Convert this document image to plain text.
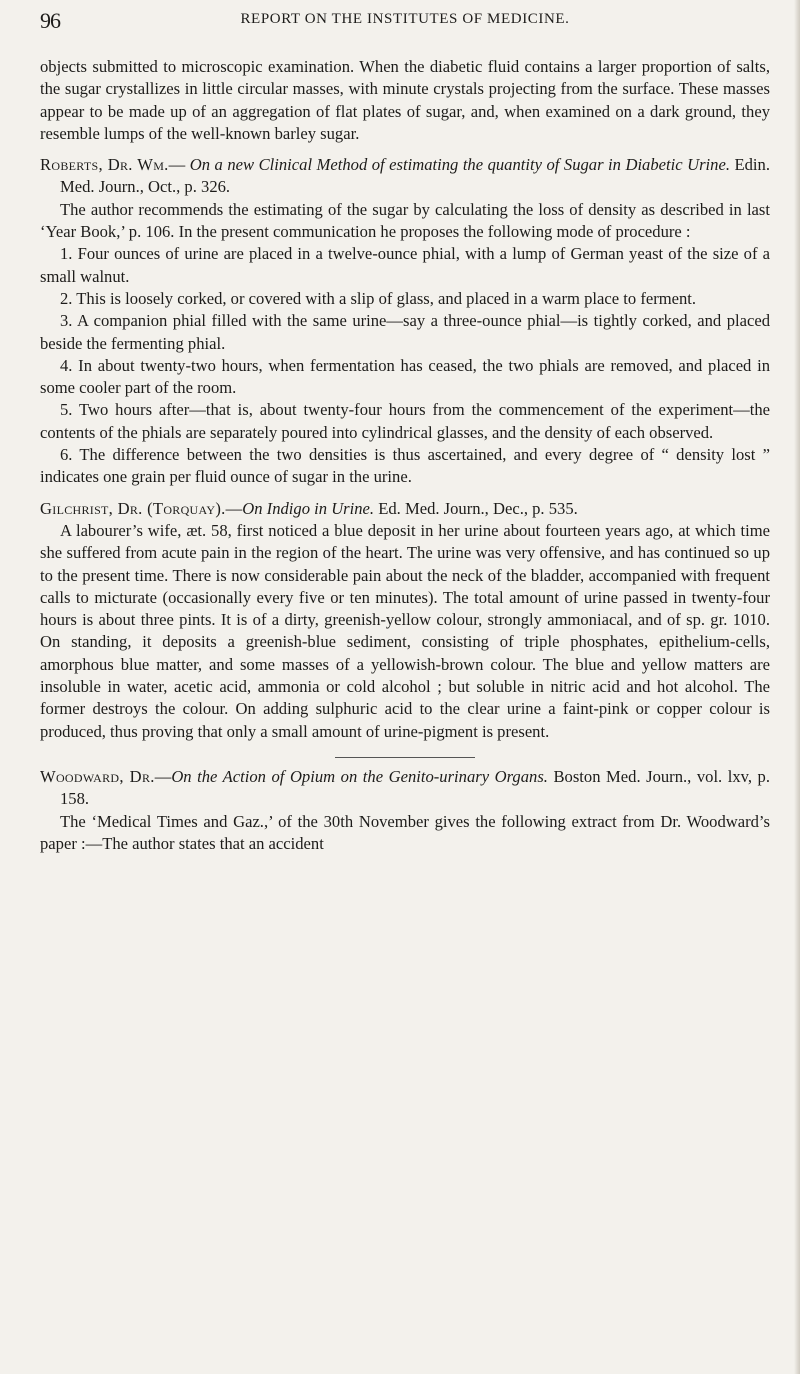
96	REPORT ON THE INSTITUTES OF MEDICINE.

objects submitted to microscopic examination. When the diabetic fluid contains a larger proportion of salts, the sugar crystallizes in little circular masses, with minute crystals projecting from the surface. These masses appear to be made up of an aggregation of flat plates of sugar, and, when examined on a dark ground, they resemble lumps of the well-known barley sugar.

Roberts, Dr. Wm.— On a new Clinical Method of estimating the quantity of Sugar in Diabetic Urine. Edin. Med. Journ., Oct., p. 326.

The author recommends the estimating of the sugar by calculating the loss of density as described in last ‘Year Book,’ p. 106. In the present communication he proposes the following mode of procedure :

1. Four ounces of urine are placed in a twelve-ounce phial, with a lump of German yeast of the size of a small walnut.

2. This is loosely corked, or covered with a slip of glass, and placed in a warm place to ferment.

3. A companion phial filled with the same urine—say a three-ounce phial—is tightly corked, and placed beside the fermenting phial.

4. In about twenty-two hours, when fermentation has ceased, the two phials are removed, and placed in some cooler part of the room.

5. Two hours after—that is, about twenty-four hours from the commencement of the experiment—the contents of the phials are separately poured into cylindrical glasses, and the density of each observed.

6. The difference between the two densities is thus ascertained, and every degree of “ density lost ” indicates one grain per fluid ounce of sugar in the urine.

Gilchrist, Dr. (Torquay).—On Indigo in Urine. Ed. Med. Journ., Dec., p. 535.

A labourer’s wife, æt. 58, first noticed a blue deposit in her urine about fourteen years ago, at which time she suffered from acute pain in the region of the heart. The urine was very offensive, and has continued so up to the present time. There is now considerable pain about the neck of the bladder, accompanied with frequent calls to micturate (occasionally every five or ten minutes). The total amount of urine passed in twenty-four hours is about three pints. It is of a dirty, greenish-yellow colour, strongly ammoniacal, and of sp. gr. 1010. On standing, it deposits a greenish-blue sediment, consisting of triple phosphates, epithelium-cells, amorphous blue matter, and some masses of a yellowish-brown colour. The blue and yellow matters are insoluble in water, acetic acid, ammonia or cold alcohol ; but soluble in nitric acid and hot alcohol. The former destroys the colour. On adding sulphuric acid to the clear urine a faint-pink or copper colour is produced, thus proving that only a small amount of urine-pigment is present.

Woodward, Dr.—On the Action of Opium on the Genito-urinary Organs. Boston Med. Journ., vol. lxv, p. 158.

The ‘Medical Times and Gaz.,’ of the 30th November gives the following extract from Dr. Woodward’s paper :—The author states that an accident
